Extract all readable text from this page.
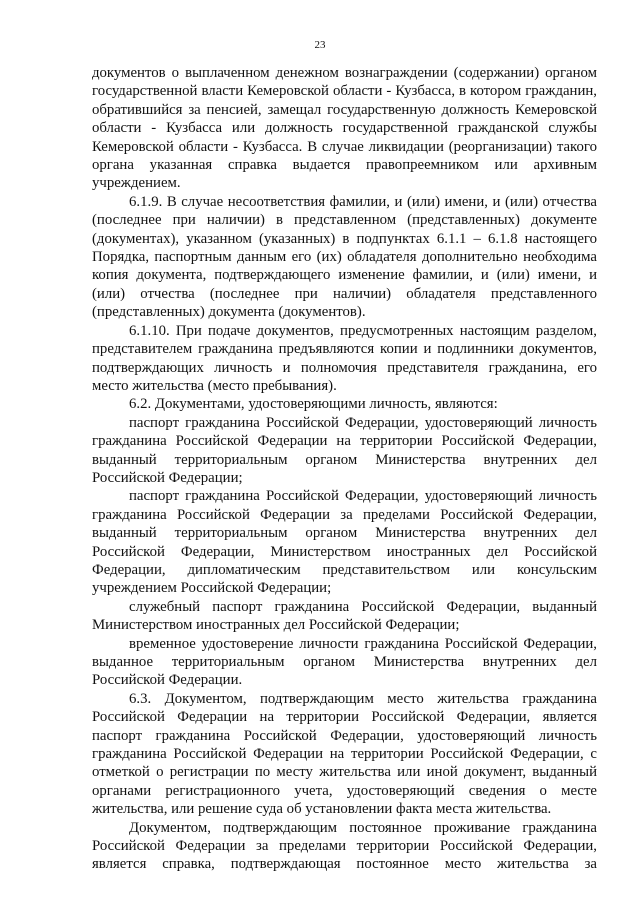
23

документов о выплаченном денежном вознаграждении (содержании) органом государственной власти Кемеровской области - Кузбасса, в котором гражданин, обратившийся за пенсией, замещал государственную должность Кемеровской области - Кузбасса или должность государственной гражданской службы Кемеровской области - Кузбасса. В случае ликвидации (реорганизации) такого органа указанная справка выдается правопреемником или архивным учреждением.

6.1.9. В случае несоответствия фамилии, и (или) имени, и (или) отчества (последнее при наличии) в представленном (представленных) документе (документах), указанном (указанных) в подпунктах 6.1.1 – 6.1.8 настоящего Порядка, паспортным данным его (их) обладателя дополнительно необходима копия документа, подтверждающего изменение фамилии, и (или) имени, и (или) отчества (последнее при наличии) обладателя представленного (представленных) документа (документов).

6.1.10. При подаче документов, предусмотренных настоящим разделом, представителем гражданина предъявляются копии и подлинники документов, подтверждающих личность и полномочия представителя гражданина, его место жительства (место пребывания).

6.2. Документами, удостоверяющими личность, являются:

паспорт гражданина Российской Федерации, удостоверяющий личность гражданина Российской Федерации на территории Российской Федерации, выданный территориальным органом Министерства внутренних дел Российской Федерации;

паспорт гражданина Российской Федерации, удостоверяющий личность гражданина Российской Федерации за пределами Российской Федерации, выданный территориальным органом Министерства внутренних дел Российской Федерации, Министерством иностранных дел Российской Федерации, дипломатическим представительством или консульским учреждением Российской Федерации;

служебный паспорт гражданина Российской Федерации, выданный Министерством иностранных дел Российской Федерации;

временное удостоверение личности гражданина Российской Федерации, выданное территориальным органом Министерства внутренних дел Российской Федерации.

6.3. Документом, подтверждающим место жительства гражданина Российской Федерации на территории Российской Федерации, является паспорт гражданина Российской Федерации, удостоверяющий личность гражданина Российской Федерации на территории Российской Федерации, с отметкой о регистрации по месту жительства или иной документ, выданный органами регистрационного учета, удостоверяющий сведения о месте жительства, или решение суда об установлении факта места жительства.

Документом, подтверждающим постоянное проживание гражданина Российской Федерации за пределами территории Российской Федерации, является справка, подтверждающая постоянное место жительства за
